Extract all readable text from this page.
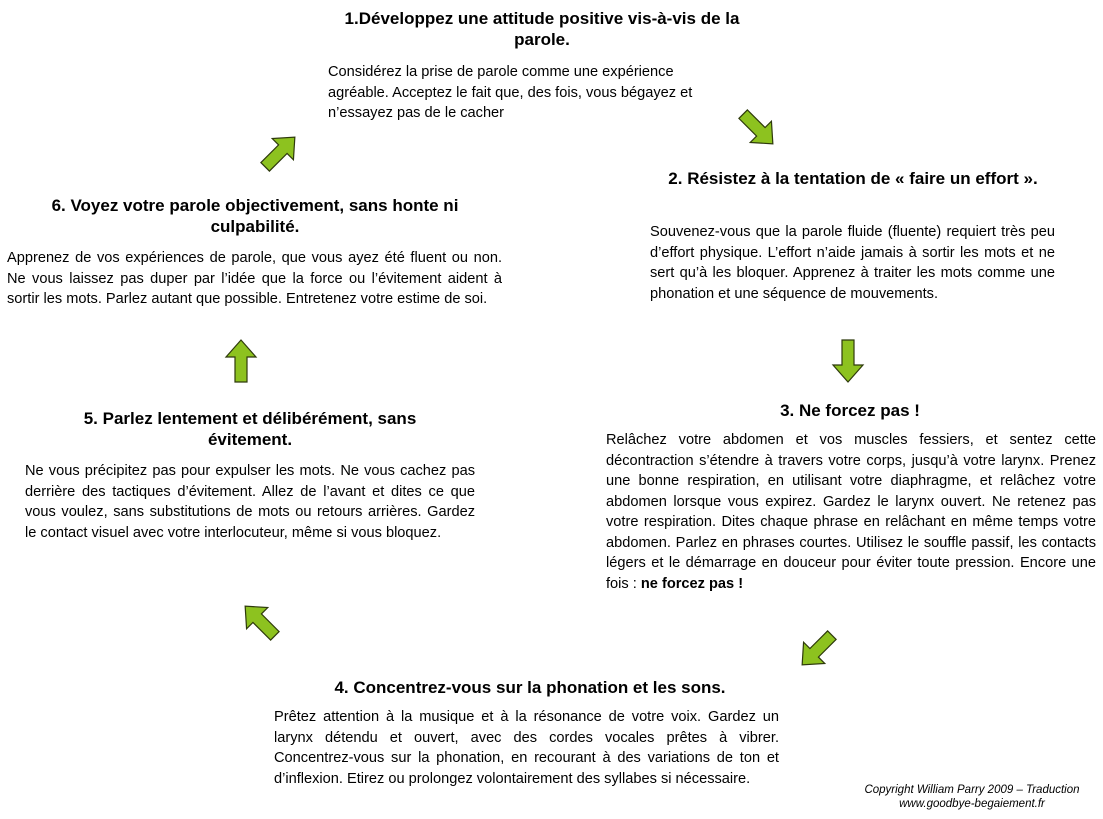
1.Développez une attitude positive vis-à-vis de la parole.
Considérez la prise de parole comme une expérience agréable. Acceptez le fait que, des fois, vous bégayez et n’essayez pas de le cacher
2. Résistez à la tentation de « faire un effort ».
Souvenez-vous que la parole fluide (fluente) requiert très peu d’effort physique. L’effort n’aide jamais à sortir les mots et ne sert qu’à les bloquer. Apprenez à traiter les mots comme une phonation et une séquence de mouvements.
3. Ne forcez pas !
Relâchez votre abdomen et vos muscles fessiers, et sentez cette décontraction s’étendre à travers votre corps, jusqu’à votre larynx. Prenez une bonne respiration, en utilisant votre diaphragme, et relâchez votre abdomen lorsque vous expirez. Gardez le larynx ouvert. Ne retenez pas votre respiration. Dites chaque phrase en relâchant en même temps votre abdomen. Parlez en phrases courtes. Utilisez le souffle passif, les contacts légers et le démarrage en douceur pour éviter toute pression. Encore une fois : ne forcez pas !
4. Concentrez-vous sur la phonation et les sons.
Prêtez attention à la musique et à la résonance de votre voix. Gardez un larynx détendu et ouvert, avec des cordes vocales prêtes à vibrer. Concentrez-vous sur la phonation, en recourant à des variations de ton et d’inflexion. Etirez ou prolongez volontairement des syllabes si nécessaire.
5. Parlez lentement et délibérément, sans évitement.
Ne vous précipitez pas pour expulser les mots. Ne vous cachez pas derrière des tactiques d’évitement. Allez de l’avant et dites ce que vous voulez, sans substitutions de mots ou retours arrières. Gardez le contact visuel avec votre interlocuteur, même si vous bloquez.
6. Voyez votre parole objectivement, sans honte ni culpabilité.
Apprenez de vos expériences de parole, que vous ayez été fluent ou non. Ne vous laissez pas duper par l’idée que la force ou l’évitement aident à sortir les mots. Parlez autant que possible. Entretenez votre estime de soi.
Copyright William Parry 2009 – Traduction
www.goodbye-begaiement.fr
